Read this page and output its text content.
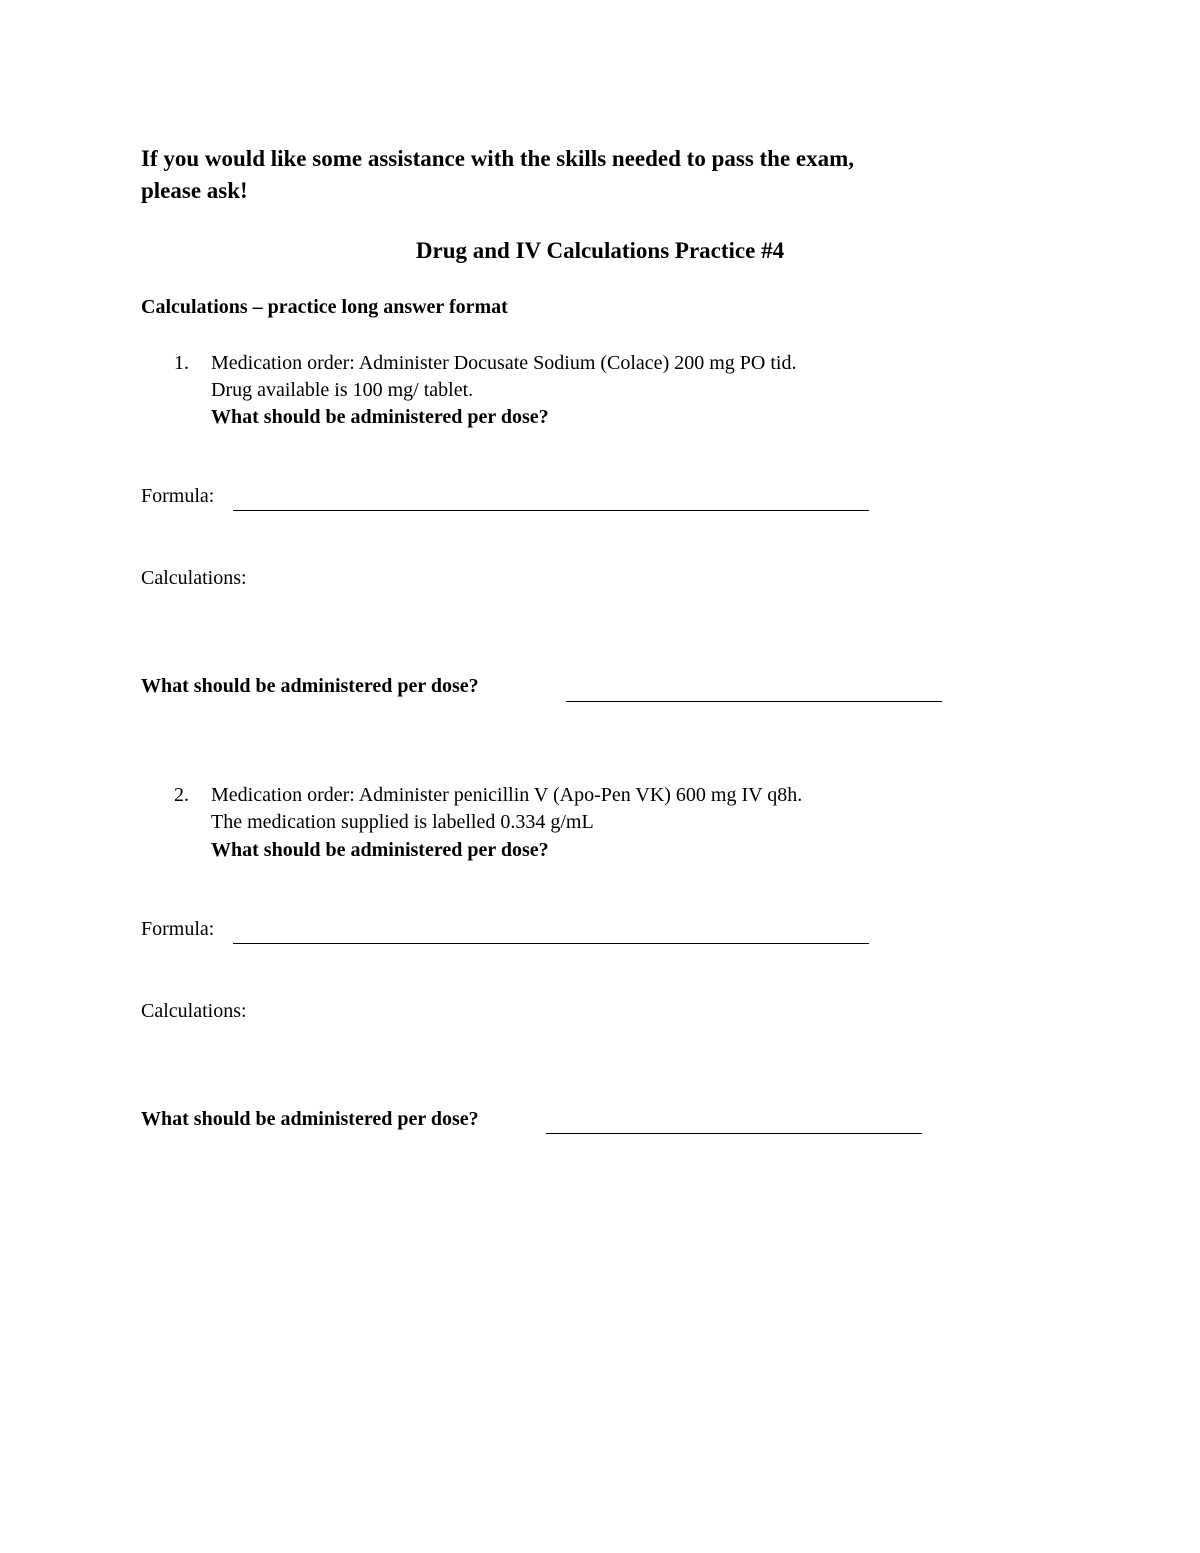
If you would like some assistance with the skills needed to pass the exam,
please ask!
Drug and IV Calculations Practice #4
Calculations – practice long answer format
1. Medication order: Administer Docusate Sodium (Colace) 200 mg PO tid.
Drug available is 100 mg/ tablet.
What should be administered per dose?
Formula:
Calculations:
What should be administered per dose?
2. Medication order: Administer penicillin V (Apo-Pen VK) 600 mg IV q8h.
The medication supplied is labelled 0.334 g/mL
What should be administered per dose?
Formula:
Calculations:
What should be administered per dose?
